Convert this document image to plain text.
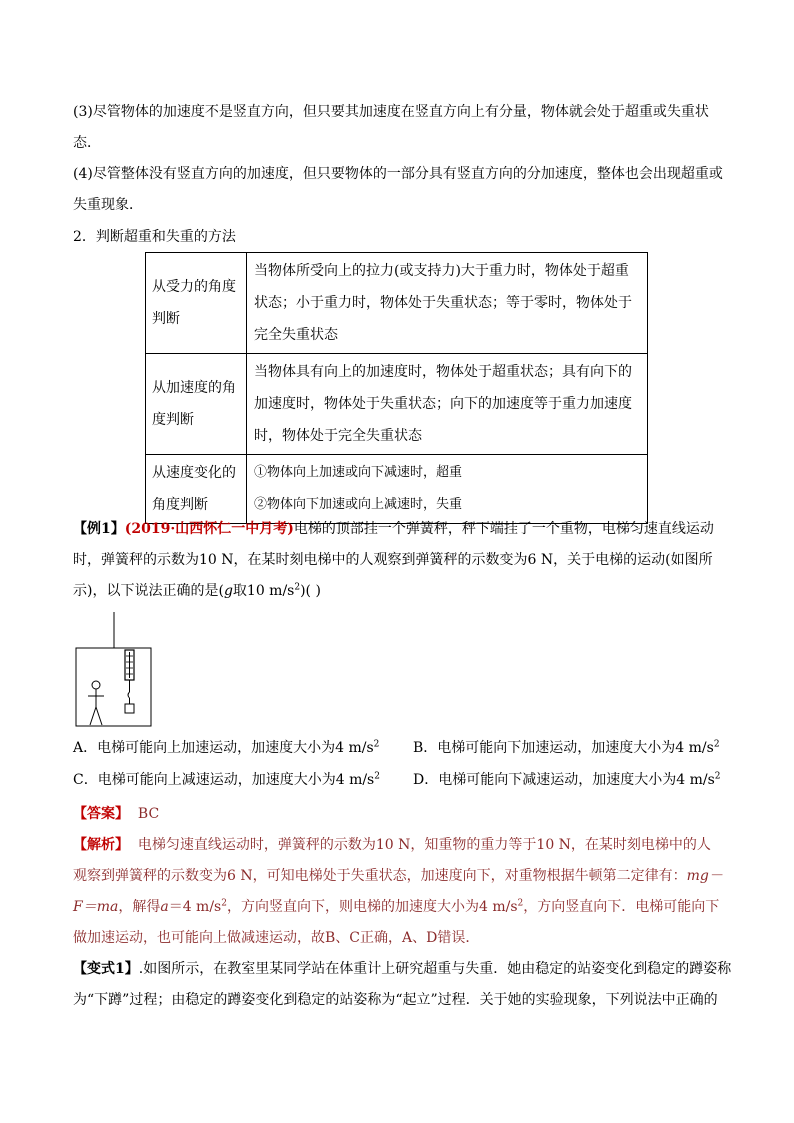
(3)尽管物体的加速度不是竖直方向，但只要其加速度在竖直方向上有分量，物体就会处于超重或失重状态．

(4)尽管整体没有竖直方向的加速度，但只要物体的一部分具有竖直方向的分加速度，整体也会出现超重或失重现象．

2．判断超重和失重的方法

从受力的角度判断	当物体所受向上的拉力(或支持力)大于重力时，物体处于超重状态；小于重力时，物体处于失重状态；等于零时，物体处于完全失重状态
从加速度的角度判断	当物体具有向上的加速度时，物体处于超重状态；具有向下的加速度时，物体处于失重状态；向下的加速度等于重力加速度时，物体处于完全失重状态
从速度变化的角度判断	①物体向上加速或向下减速时，超重
②物体向下加速或向上减速时，失重

【例1】(2019·山西怀仁一中月考)电梯的顶部挂一个弹簧秤，秤下端挂了一个重物，电梯匀速直线运动时，弹簧秤的示数为10 N，在某时刻电梯中的人观察到弹簧秤的示数变为6 N，关于电梯的运动(如图所示)，以下说法正确的是(g取10 $m/s^2$)( )

A．电梯可能向上加速运动，加速度大小为4 $m/s^2$ B．电梯可能向下加速运动，加速度大小为4 $m/s^2$
C．电梯可能向上减速运动，加速度大小为4 $m/s^2$ D．电梯可能向下减速运动，加速度大小为4 $m/s^2$

【答案】 BC

【解析】 电梯匀速直线运动时，弹簧秤的示数为10 N，知重物的重力等于10 N，在某时刻电梯中的人观察到弹簧秤的示数变为6 N，可知电梯处于失重状态，加速度向下，对重物根据牛顿第二定律有：mg－F＝ma，解得a＝4 $m/s^2$，方向竖直向下，则电梯的加速度大小为4 $m/s^2$，方向竖直向下．电梯可能向下做加速运动，也可能向上做减速运动，故B、C正确，A、D错误．

【变式1】.如图所示，在教室里某同学站在体重计上研究超重与失重．她由稳定的站姿变化到稳定的蹲姿称为“下蹲”过程；由稳定的蹲姿变化到稳定的站姿称为“起立”过程．关于她的实验现象，下列说法中正确的
